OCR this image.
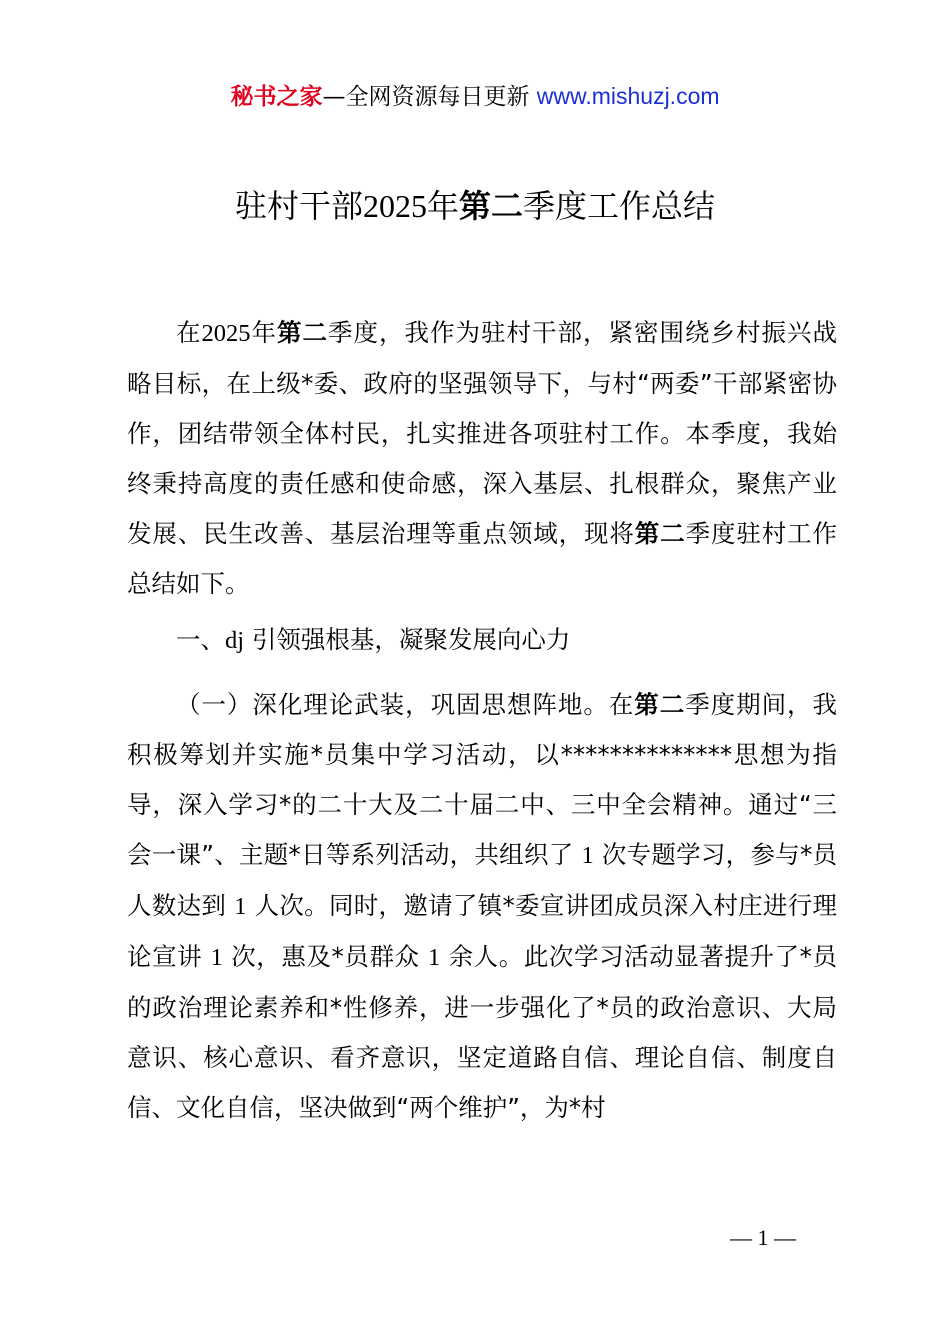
秘书之家—全网资源每日更新 www.mishuzj.com
驻村干部2025年第二季度工作总结

在2025年第二季度，我作为驻村干部，紧密围绕乡村振兴战略目标，在上级*委、政府的坚强领导下，与村“两委”干部紧密协作，团结带领全体村民，扎实推进各项驻村工作。本季度，我始终秉持高度的责任感和使命感，深入基层、扎根群众，聚焦产业发展、民生改善、基层治理等重点领域，现将第二季度驻村工作总结如下。

一、dj 引领强根基，凝聚发展向心力

（一）深化理论武装，巩固思想阵地。在第二季度期间，我积极筹划并实施*员集中学习活动，以**************思想为指导，深入学习*的二十大及二十届二中、三中全会精神。通过“三会一课”、主题*日等系列活动，共组织了 1 次专题学习，参与*员人数达到 1 人次。同时，邀请了镇*委宣讲团成员深入村庄进行理论宣讲 1 次，惠及*员群众 1 余人。此次学习活动显著提升了*员的政治理论素养和*性修养，进一步强化了*员的政治意识、大局意识、核心意识、看齐意识，坚定道路自信、理论自信、制度自信、文化自信，坚决做到“两个维护”，为*村

— 1 —
